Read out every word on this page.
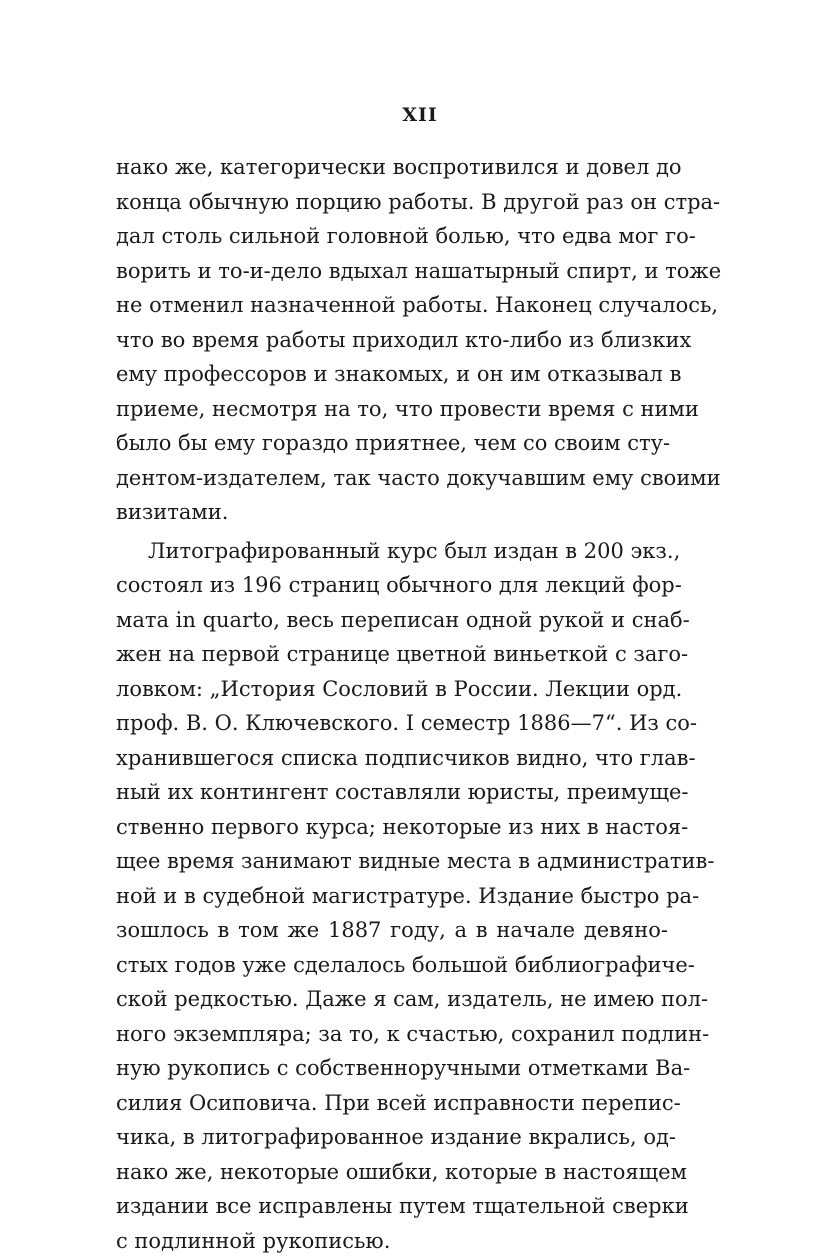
XII
нако же, категорически воспротивился и довел до
конца обычную порцию работы. В другой раз он стра-
дал столь сильной головной болью, что едва мог го-
ворить и то-и-дело вдыхал нашатырный спирт, и тоже
не отменил назначенной работы. Наконец случалось,
что во время работы приходил кто-либо из близких
ему профессоров и знакомых, и он им отказывал в
приеме, несмотря на то, что провести время с ними
было бы ему гораздо приятнее, чем со своим сту-
дентом-издателем, так часто докучавшим ему своими
визитами.
Литографированный курс был издан в 200 экз.,
состоял из 196 страниц обычного для лекций фор-
мата in quarto, весь переписан одной рукой и снаб-
жен на первой странице цветной виньеткой с заго-
ловком: „История Сословий в России. Лекции орд.
проф. В. О. Ключевского. I семестр 1886—7“. Из со-
хранившегося списка подписчиков видно, что глав-
ный их контингент составляли юристы, преимуще-
ственно первого курса; некоторые из них в настоя-
щее время занимают видные места в административ-
ной и в судебной магистратуре. Издание быстро ра-
зошлось в том же 1887 году, а в начале девяно-
стых годов уже сделалось большой библиографиче-
ской редкостью. Даже я сам, издатель, не имею пол-
ного экземпляра; за то, к счастью, сохранил подлин-
ную рукопись с собственноручными отметками Ва-
силия Осиповича. При всей исправности перепис-
чика, в литографированное издание вкрались, од-
нако же, некоторые ошибки, которые в настоящем
издании все исправлены путем тщательной сверки
с подлинной рукописью.
